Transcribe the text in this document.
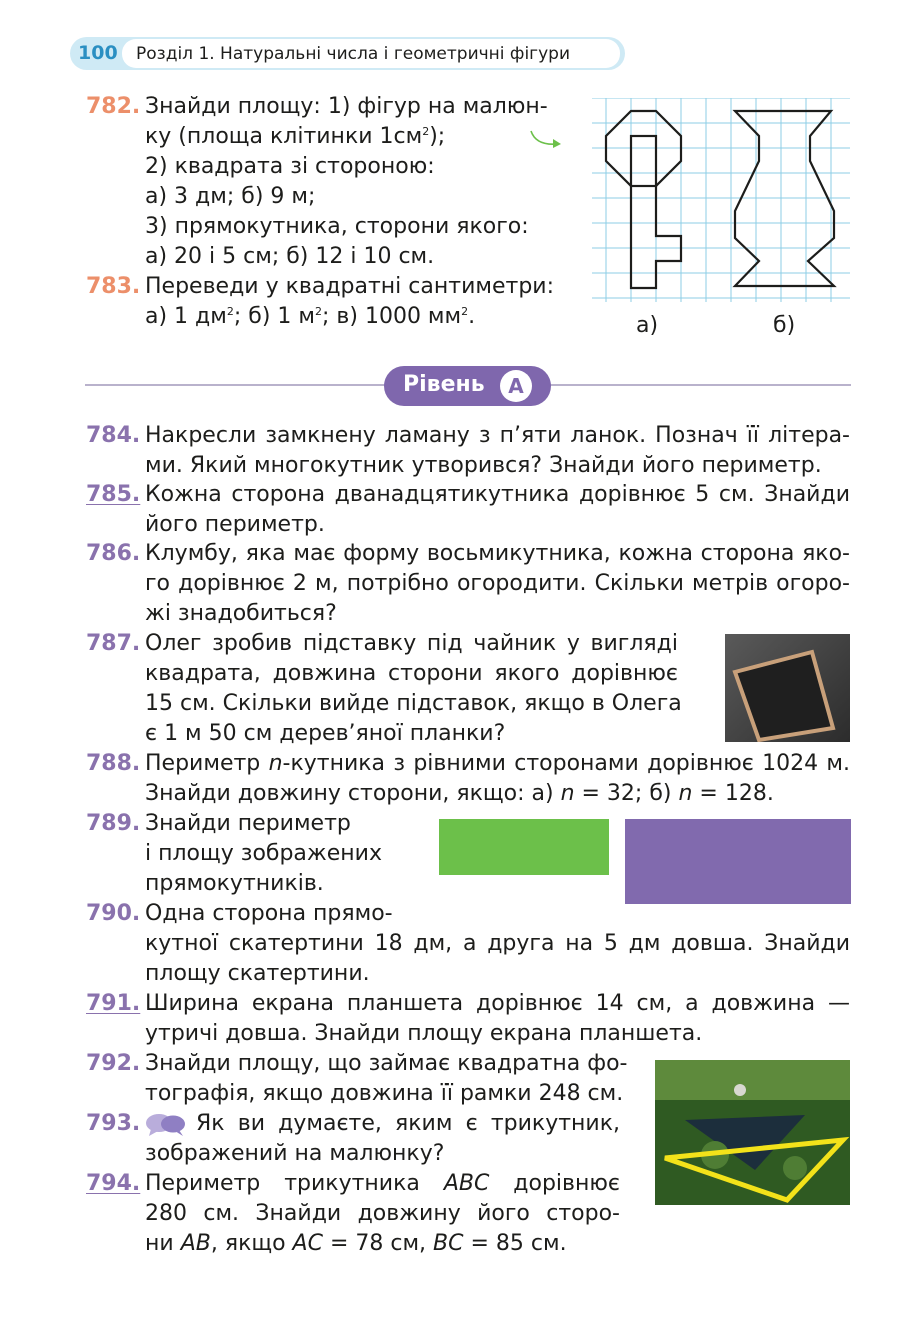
100 Розділ 1. Натуральні числа і геометричні фігури
782. Знайди площу: 1) фігур на малюн-
ку (площа клітинки $1см^2$);
2) квадрата зі стороною:
а) 3 дм; б) 9 м;
3) прямокутника, сторони якого:
а) 20 і 5 см; б) 12 і 10 см.
783. Переведи у квадратні сантиметри:
а) 1 $дм^2$; б) 1 $м^2$; в) 1000 $мм^2$.	а)	б)
Рівень	А
784. Накресли замкнену ламану з п’яти ланок. Познач її літера-
ми. Який многокутник утворився? Знайди його периметр.
785. Кожна сторона дванадцятикутника дорівнює 5 см. Знайди
його периметр.
786. Клумбу, яка має форму восьмикутника, кожна сторона яко-
го дорівнює 2 м, потрібно огородити. Скільки метрів огоро-
жі знадобиться?
787. Олег зробив підставку під чайник у вигляді
квадрата, довжина сторони якого дорівнює
15 см. Скільки вийде підставок, якщо в Олега
є 1 м 50 см дерев’яної планки?
788. Периметр n-кутника з рівними сторонами дорівнює 1024 м.
Знайди довжину сторони, якщо: а) n = 32; б) n = 128.
789. Знайди периметр
і площу зображених
прямокутників.
790. Одна сторона прямо-
кутної скатертини 18 дм, а друга на 5 дм довша. Знайди
площу скатертини.
791. Ширина екрана планшета дорівнює 14 см, а довжина —
утричі довша. Знайди площу екрана планшета.
792. Знайди площу, що займає квадратна фо-
тографія, якщо довжина її рамки 248 см.
793.	Як ви думаєте, яким є трикутник,
зображений на малюнку?
794. Периметр трикутника ABC дорівнює
280 см. Знайди довжину його сторо-
ни AB, якщо AC = 78 см, BC = 85 см.
